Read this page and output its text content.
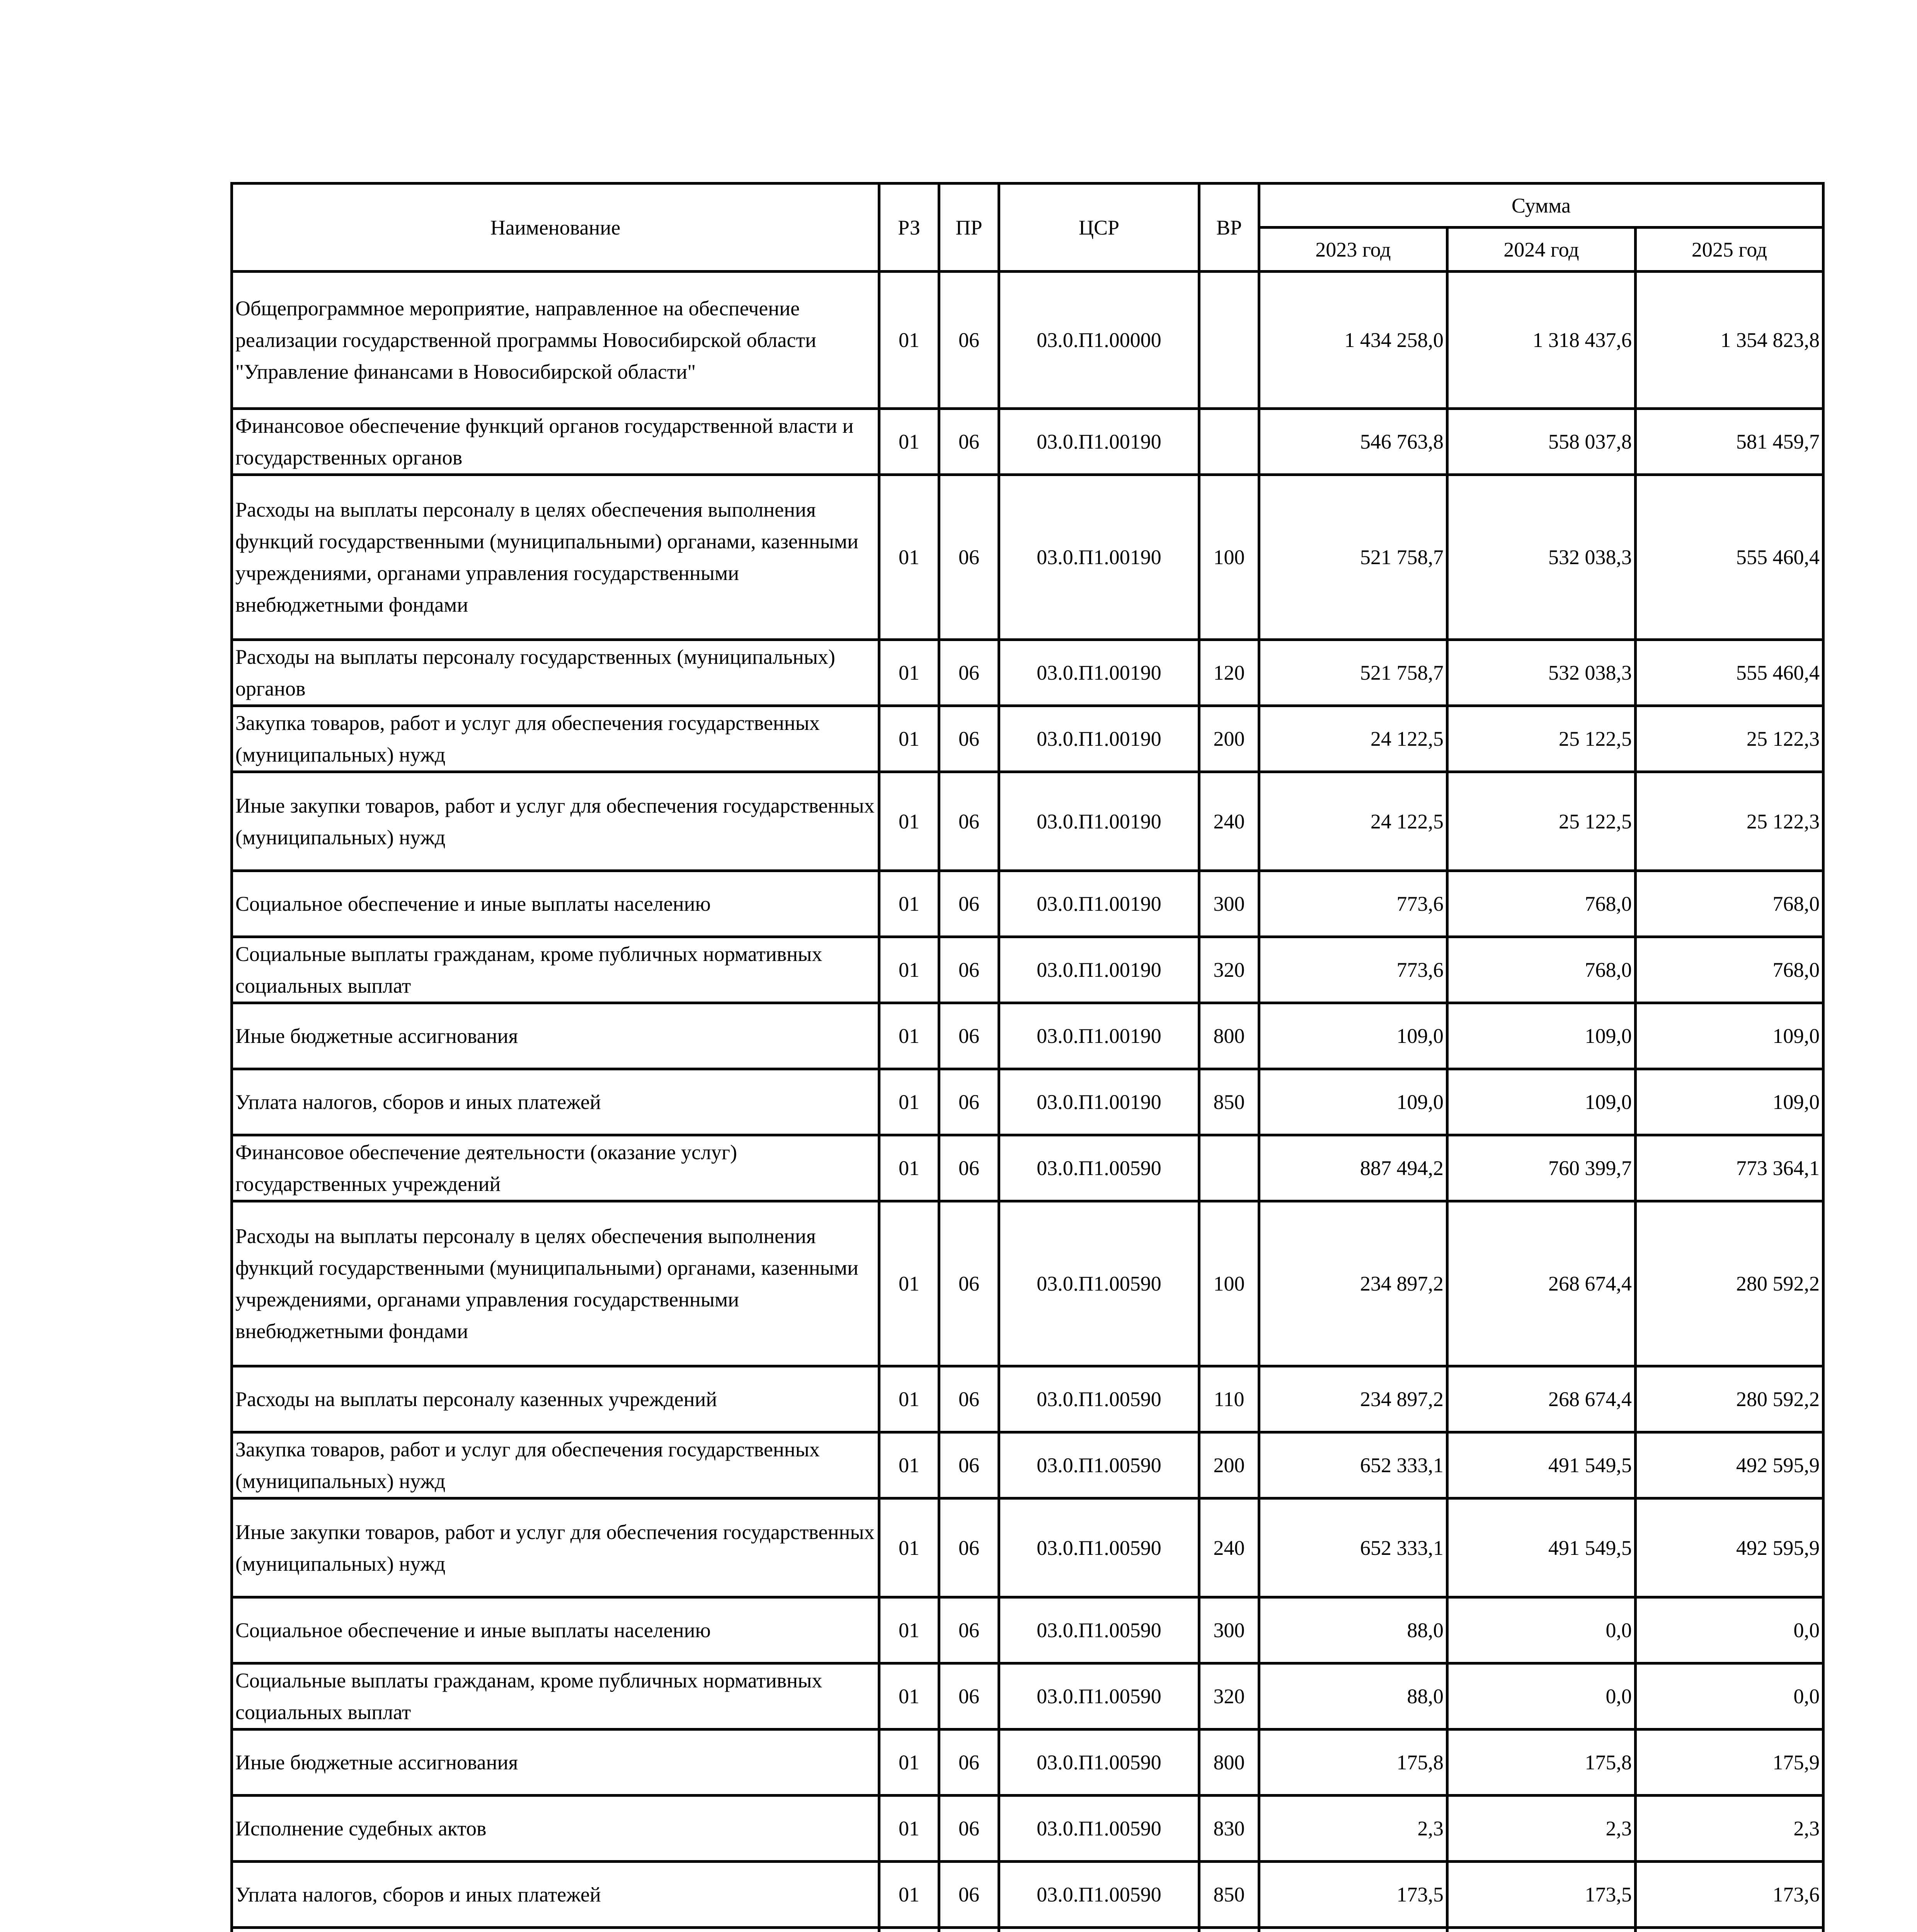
Наименование	РЗ	ПР	ЦСР	ВР	Сумма		
					2023 год	2024 год	2025 год
Общепрограммное мероприятие, направленное на обеспечение реализации государственной программы Новосибирской области "Управление финансами в Новосибирской области"	01	06	03.0.П1.00000		1 434 258,0	1 318 437,6	1 354 823,8
Финансовое обеспечение функций органов государственной власти и государственных органов	01	06	03.0.П1.00190		546 763,8	558 037,8	581 459,7
Расходы на выплаты персоналу в целях обеспечения выполнения функций государственными (муниципальными) органами, казенными учреждениями, органами управления государственными внебюджетными фондами	01	06	03.0.П1.00190	100	521 758,7	532 038,3	555 460,4
Расходы на выплаты персоналу государственных (муниципальных) органов	01	06	03.0.П1.00190	120	521 758,7	532 038,3	555 460,4
Закупка товаров, работ и услуг для обеспечения государственных (муниципальных) нужд	01	06	03.0.П1.00190	200	24 122,5	25 122,5	25 122,3
Иные закупки товаров, работ и услуг для обеспечения государственных (муниципальных) нужд	01	06	03.0.П1.00190	240	24 122,5	25 122,5	25 122,3
Социальное обеспечение и иные выплаты населению	01	06	03.0.П1.00190	300	773,6	768,0	768,0
Социальные выплаты гражданам, кроме публичных нормативных социальных выплат	01	06	03.0.П1.00190	320	773,6	768,0	768,0
Иные бюджетные ассигнования	01	06	03.0.П1.00190	800	109,0	109,0	109,0
Уплата налогов, сборов и иных платежей	01	06	03.0.П1.00190	850	109,0	109,0	109,0
Финансовое обеспечение деятельности (оказание услуг) государственных учреждений	01	06	03.0.П1.00590		887 494,2	760 399,7	773 364,1
Расходы на выплаты персоналу в целях обеспечения выполнения функций государственными (муниципальными) органами, казенными учреждениями, органами управления государственными внебюджетными фондами	01	06	03.0.П1.00590	100	234 897,2	268 674,4	280 592,2
Расходы на выплаты персоналу казенных учреждений	01	06	03.0.П1.00590	110	234 897,2	268 674,4	280 592,2
Закупка товаров, работ и услуг для обеспечения государственных (муниципальных) нужд	01	06	03.0.П1.00590	200	652 333,1	491 549,5	492 595,9
Иные закупки товаров, работ и услуг для обеспечения государственных (муниципальных) нужд	01	06	03.0.П1.00590	240	652 333,1	491 549,5	492 595,9
Социальное обеспечение и иные выплаты населению	01	06	03.0.П1.00590	300	88,0	0,0	0,0
Социальные выплаты гражданам, кроме публичных нормативных социальных выплат	01	06	03.0.П1.00590	320	88,0	0,0	0,0
Иные бюджетные ассигнования	01	06	03.0.П1.00590	800	175,8	175,8	175,9
Исполнение судебных актов	01	06	03.0.П1.00590	830	2,3	2,3	2,3
Уплата налогов, сборов и иных платежей	01	06	03.0.П1.00590	850	173,5	173,5	173,6
